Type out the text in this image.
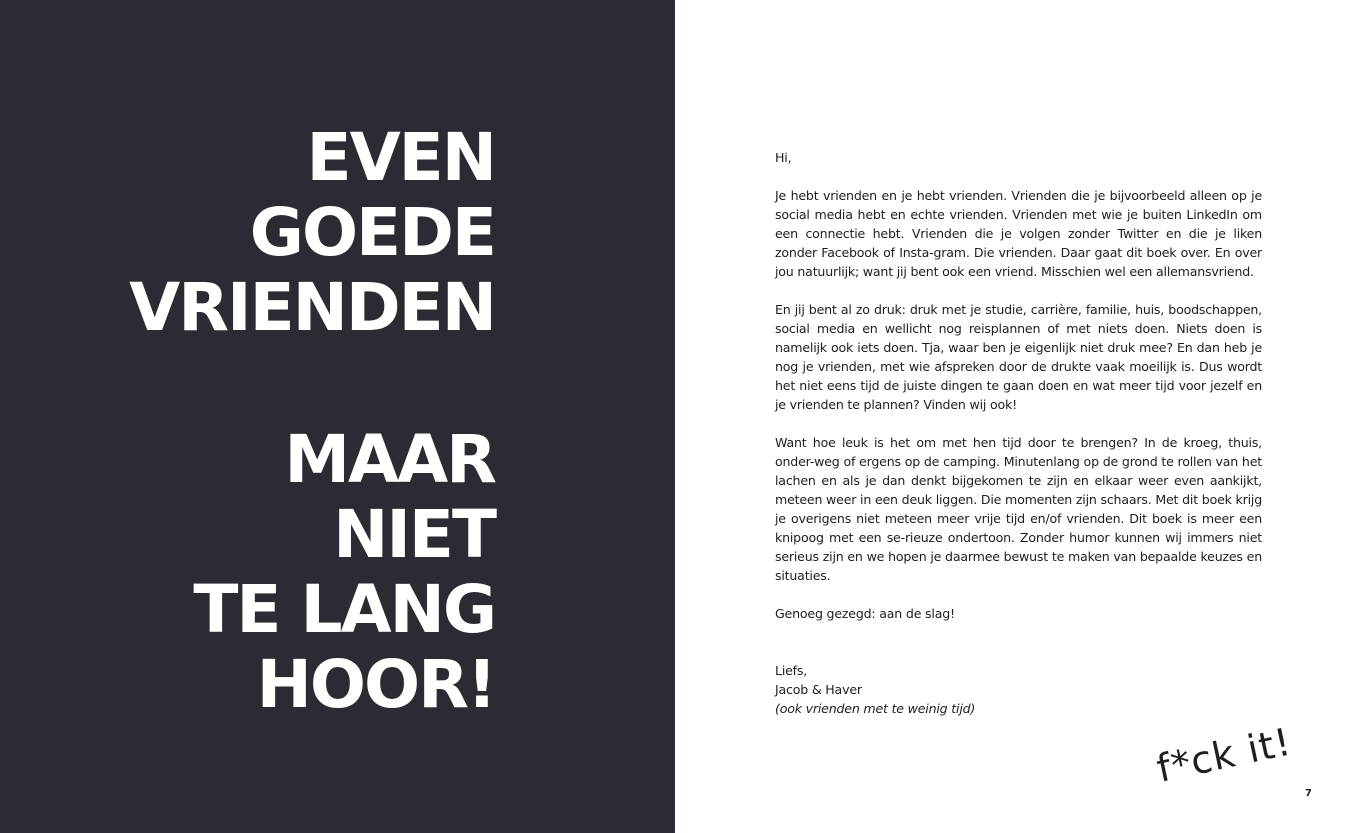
EVEN
GOEDE
VRIENDEN
MAAR
NIET
TE LANG
HOOR!

Hi,

Je hebt vrienden en je hebt vrienden. Vrienden die je bijvoorbeeld alleen op je social media hebt en echte vrienden. Vrienden met wie je buiten LinkedIn om een connectie hebt. Vrienden die je volgen zonder Twitter en die je liken zonder Facebook of Insta-gram. Die vrienden. Daar gaat dit boek over. En over jou natuurlijk; want jij bent ook een vriend. Misschien wel een allemansvriend.

En jij bent al zo druk: druk met je studie, carrière, familie, huis, boodschappen, social media en wellicht nog reisplannen of met niets doen. Niets doen is namelijk ook iets doen. Tja, waar ben je eigenlijk niet druk mee? En dan heb je nog je vrienden, met wie afspreken door de drukte vaak moeilijk is. Dus wordt het niet eens tijd de juiste dingen te gaan doen en wat meer tijd voor jezelf en je vrienden te plannen? Vinden wij ook!

Want hoe leuk is het om met hen tijd door te brengen? In de kroeg, thuis, onder-weg of ergens op de camping. Minutenlang op de grond te rollen van het lachen en als je dan denkt bijgekomen te zijn en elkaar weer even aankijkt, meteen weer in een deuk liggen. Die momenten zijn schaars. Met dit boek krijg je overigens niet meteen meer vrije tijd en/of vrienden. Dit boek is meer een knipoog met een se-rieuze ondertoon. Zonder humor kunnen wij immers niet serieus zijn en we hopen je daarmee bewust te maken van bepaalde keuzes en situaties.

Genoeg gezegd: aan de slag!

Liefs,
Jacob & Haver
(ook vrienden met te weinig tijd)
f*ck it!
7
